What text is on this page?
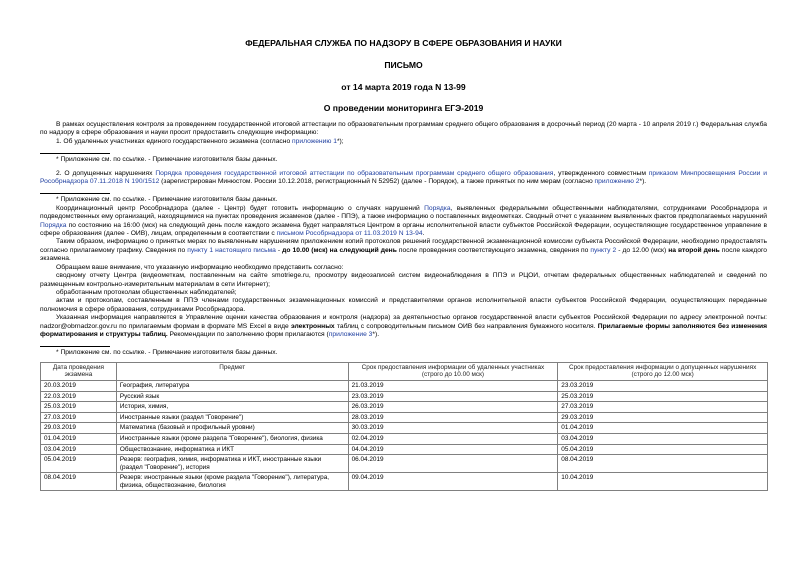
ФЕДЕРАЛЬНАЯ СЛУЖБА ПО НАДЗОРУ В СФЕРЕ ОБРАЗОВАНИЯ И НАУКИ
ПИСЬМО
от 14 марта 2019 года N 13-99
О проведении мониторинга ЕГЭ-2019

В рамках осуществления контроля за проведением государственной итоговой аттестации по образовательным программам среднего общего образования в досрочный период (20 марта - 10 апреля 2019 г.) Федеральная служба по надзору в сфере образования и науки просит предоставить следующие информацию:

1. Об удаленных участниках единого государственного экзамена (согласно приложению 1*);

* Приложение см. по ссылке. - Примечание изготовителя базы данных.

2. О допущенных нарушениях Порядка проведения государственной итоговой аттестации по образовательным программам среднего общего образования, утвержденного совместным приказом Минпросвещения России и Рособрнадзора 07.11.2018 N 190/1512 (зарегистрирован Минюстом. России 10.12.2018, регистрационный N 52952) (далее - Порядок), а также принятых по ним мерам (согласно приложению 2*).

* Приложение см. по ссылке. - Примечание изготовителя базы данных.

Координационный центр Рособрнадзора (далее - Центр) будет готовить информацию о случаях нарушений Порядка, выявленных федеральными общественными наблюдателями, сотрудниками Рособрнадзора и подведомственных ему организаций, находящимися на пунктах проведения экзаменов (далее - ППЭ), а также информацию о поставленных видеометках. Сводный отчет с указанием выявленных фактов предполагаемых нарушений Порядка по состоянию на 16:00 (мск) на следующий день после каждого экзамена будет направляться Центром в органы исполнительной власти субъектов Российской Федерации, осуществляющие государственное управление в сфере образования (далее - ОИВ), лицам, определенным в соответствии с письмом Рособрнадзора от 11.03.2019 N 13-94.

Таким образом, информацию о принятых мерах по выявленным нарушениям приложением копий протоколов решений государственной экзаменационной комиссии субъекта Российской Федерации, необходимо предоставлять согласно прилагаемому графику. Сведения по пункту 1 настоящего письма - до 10.00 (мск) на следующий день после проведения соответствующего экзамена, сведения по пункту 2 - до 12.00 (мск) на второй день после каждого экзамена.

Обращаем ваше внимание, что указанную информацию необходимо представить согласно:

сводному отчету Центра (видеометкам, поставленным на сайте smotriege.ru, просмотру видеозаписей систем видеонаблюдения в ППЭ и РЦОИ, отчетам федеральных общественных наблюдателей и сведений по размещенным контрольно-измерительным материалам в сети Интернет);

обработанным протоколам общественных наблюдателей;

актам и протоколам, составленным в ППЭ членами государственных экзаменационных комиссий и представителями органов исполнительной власти субъектов Российской Федерации, осуществляющих переданные полномочия в сфере образования, сотрудниками Рособрнадзора.

Указанная информация направляется в Управление оценки качества образования и контроля (надзора) за деятельностью органов государственной власти субъектов Российской Федерации по адресу электронной почты: nadzor@obrnadzor.gov.ru по прилагаемым формам в формате MS Excel в виде электронных таблиц с сопроводительным письмом ОИВ без направления бумажного носителя. Прилагаемые формы заполняются без изменения форматирования и структуры таблиц. Рекомендации по заполнению форм прилагаются (приложение 3*).

* Приложение см. по ссылке. - Примечание изготовителя базы данных.

Дата проведения экзамена	Предмет	Срок предоставления информации об удаленных участниках (строго до 10.00 мск)	Срок предоставления информации о допущенных нарушениях (строго до 12.00 мск)
20.03.2019	География, литература	21.03.2019	23.03.2019
22.03.2019	Русский язык	23.03.2019	25.03.2019
25.03.2019	История, химия,	26.03.2019	27.03.2019
27.03.2019	Иностранные языки (раздел "Говорение")	28.03.2019	29.03.2019
29.03.2019	Математика (базовый и профильный уровни)	30.03.2019	01.04.2019
01.04.2019	Иностранные языки (кроме раздела "Говорение"), биология, физика	02.04.2019	03.04.2019
03.04.2019	Обществознание, информатика и ИКТ	04.04.2019	05.04.2019
05.04.2019	Резерв: география, химия, информатика и ИКТ, иностранные языки (раздел "Говорение"), история	06.04.2019	08.04.2019
08.04.2019	Резерв: иностранные языки (кроме раздела "Говорение"), литература, физика, обществознание, биология	09.04.2019	10.04.2019
